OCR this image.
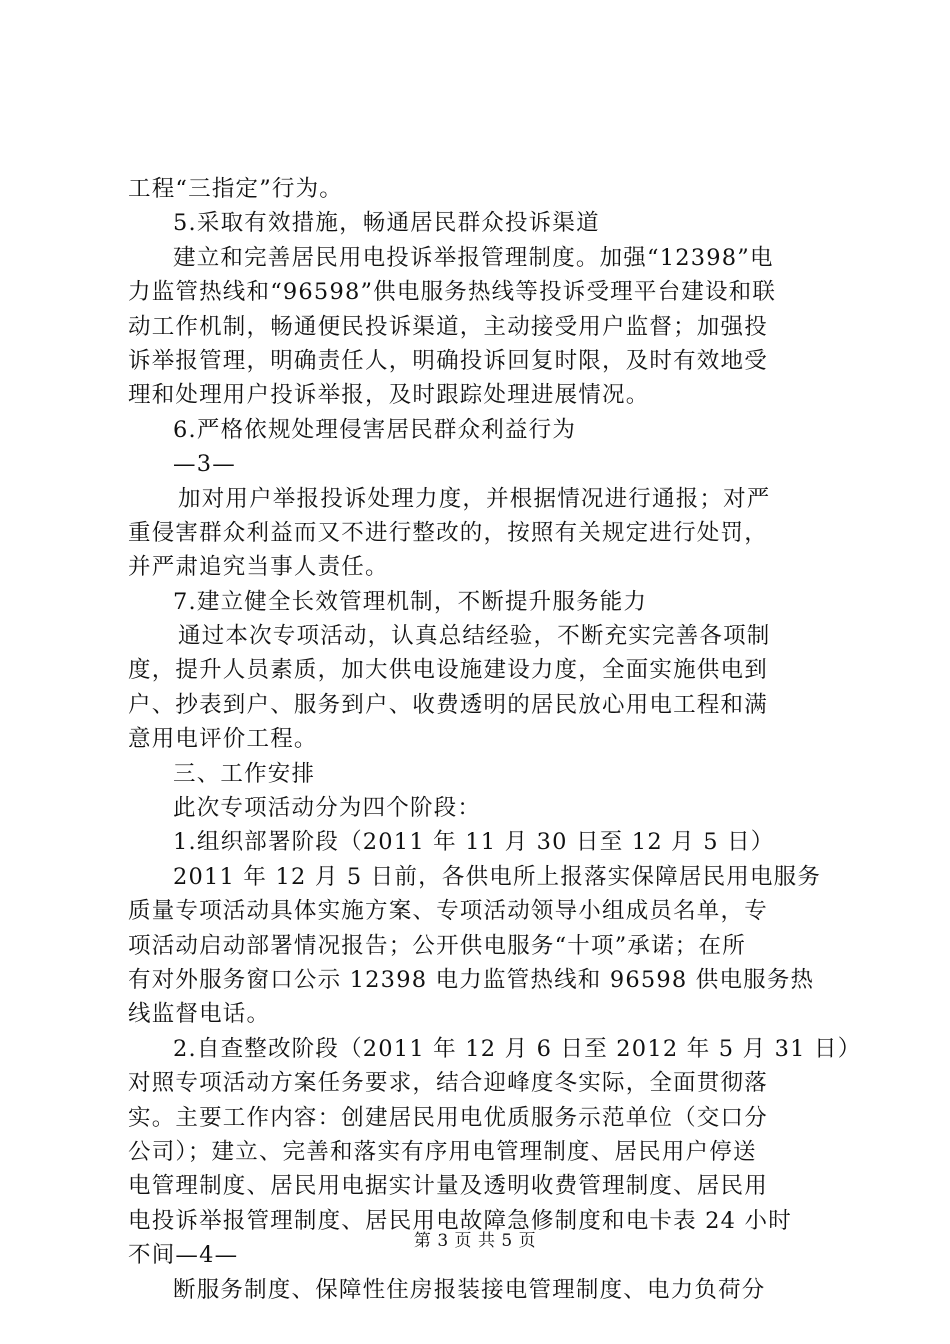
工程“三指定”行为。
5.采取有效措施，畅通居民群众投诉渠道
建立和完善居民用电投诉举报管理制度。加强“12398”电
力监管热线和“96598”供电服务热线等投诉受理平台建设和联
动工作机制，畅通便民投诉渠道，主动接受用户监督；加强投
诉举报管理，明确责任人，明确投诉回复时限，及时有效地受
理和处理用户投诉举报，及时跟踪处理进展情况。
6.严格依规处理侵害居民群众利益行为
—3—
加对用户举报投诉处理力度，并根据情况进行通报；对严
重侵害群众利益而又不进行整改的，按照有关规定进行处罚，
并严肃追究当事人责任。
7.建立健全长效管理机制，不断提升服务能力
通过本次专项活动，认真总结经验，不断充实完善各项制
度，提升人员素质，加大供电设施建设力度，全面实施供电到
户、抄表到户、服务到户、收费透明的居民放心用电工程和满
意用电评价工程。
三、工作安排
此次专项活动分为四个阶段：
1.组织部署阶段（2011 年 11 月 30 日至 12 月 5 日）
2011 年 12 月 5 日前，各供电所上报落实保障居民用电服务
质量专项活动具体实施方案、专项活动领导小组成员名单，专
项活动启动部署情况报告；公开供电服务“十项”承诺；在所
有对外服务窗口公示 12398 电力监管热线和 96598 供电服务热
线监督电话。
2.自查整改阶段（2011 年 12 月 6 日至 2012 年 5 月 31 日）
对照专项活动方案任务要求，结合迎峰度冬实际，全面贯彻落
实。主要工作内容：创建居民用电优质服务示范单位（交口分
公司）；建立、完善和落实有序用电管理制度、居民用户停送
电管理制度、居民用电据实计量及透明收费管理制度、居民用
电投诉举报管理制度、居民用电故障急修制度和电卡表 24 小时
不间—4—
断服务制度、保障性住房报装接电管理制度、电力负荷分
第 3 页 共 5 页
